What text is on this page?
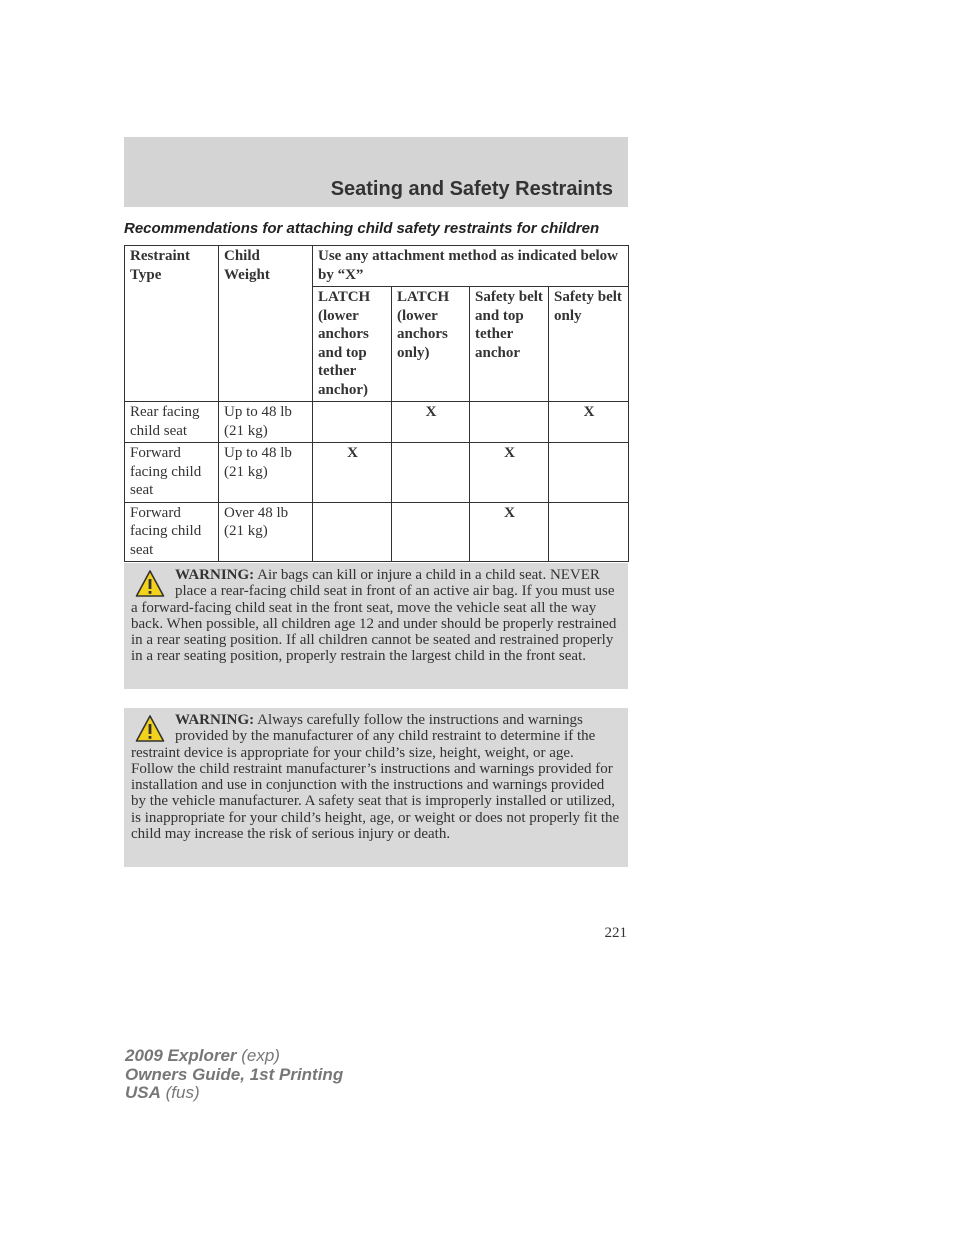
Seating and Safety Restraints
Recommendations for attaching child safety restraints for children
Restraint Type	Child Weight	Use any attachment method as indicated below by “X”			
		LATCH (lower anchors and top tether anchor)	LATCH (lower anchors only)	Safety belt and top tether anchor	Safety belt only
Rear facing child seat	Up to 48 lb (21 kg)		X		X
Forward facing child seat	Up to 48 lb (21 kg)	X		X	
Forward facing child seat	Over 48 lb (21 kg)			X	
WARNING: Air bags can kill or injure a child in a child seat. NEVER place a rear-facing child seat in front of an active air bag. If you must use a forward-facing child seat in the front seat, move the vehicle seat all the way back. When possible, all children age 12 and under should be properly restrained in a rear seating position. If all children cannot be seated and restrained properly in a rear seating position, properly restrain the largest child in the front seat.
WARNING: Always carefully follow the instructions and warnings provided by the manufacturer of any child restraint to determine if the restraint device is appropriate for your child’s size, height, weight, or age. Follow the child restraint manufacturer’s instructions and warnings provided for installation and use in conjunction with the instructions and warnings provided by the vehicle manufacturer. A safety seat that is improperly installed or utilized, is inappropriate for your child’s height, age, or weight or does not properly fit the child may increase the risk of serious injury or death.
221
2009 Explorer (exp)
Owners Guide, 1st Printing
USA (fus)
